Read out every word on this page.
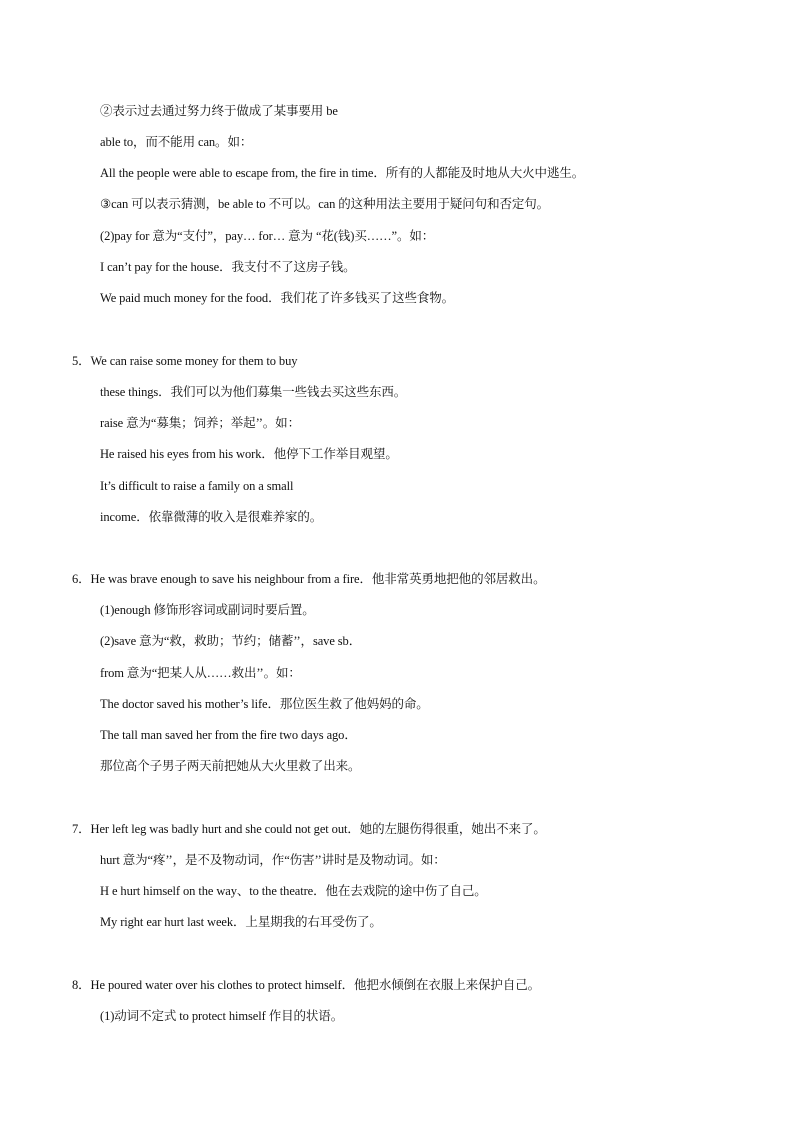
②表示过去通过努力终于做成了某事要用 be
able to，而不能用 can。如：
All the people were able to escape from, the fire in time．所有的人都能及时地从大火中逃生。
③can 可以表示猜测，be able to 不可以。can 的这种用法主要用于疑问句和否定句。
(2)pay for 意为“支付”，pay… for… 意为 “花(钱)买……”。如：
I can’t pay for the house．我支付不了这房子钱。
We paid much money for the food．我们花了许多钱买了这些食物。
5．We can raise some money for them to buy
these things．我们可以为他们募集一些钱去买这些东西。
raise 意为“募集；饲养；举起’’。如：
He raised his eyes from his work．他停下工作举目观望。
It’s difficult to raise a family on a small
income．依靠微薄的收入是很难养家的。
6．He was brave enough to save his neighbour from a fire．他非常英勇地把他的邻居救出。
(1)enough 修饰形容词或副词时要后置。
(2)save 意为“救，救助；节约；储蓄’’，save sb．
from 意为“把某人从……救出’’。如：
The doctor saved his mother’s life．那位医生救了他妈妈的命。
The tall man saved her from the fire two days ago．
那位高个子男子两天前把她从大火里救了出来。
7．Her left leg was badly hurt and she could not get out．她的左腿伤得很重，她出不来了。
hurt 意为“疼’’，是不及物动词，作“伤害’’讲时是及物动词。如：
H e hurt himself on the way、to the theatre．他在去戏院的途中伤了自己。
My right ear hurt last week．上星期我的右耳受伤了。
8．He poured water over his clothes to protect himself．他把水倾倒在衣服上来保护自己。
(1)动词不定式 to protect himself 作目的状语。
